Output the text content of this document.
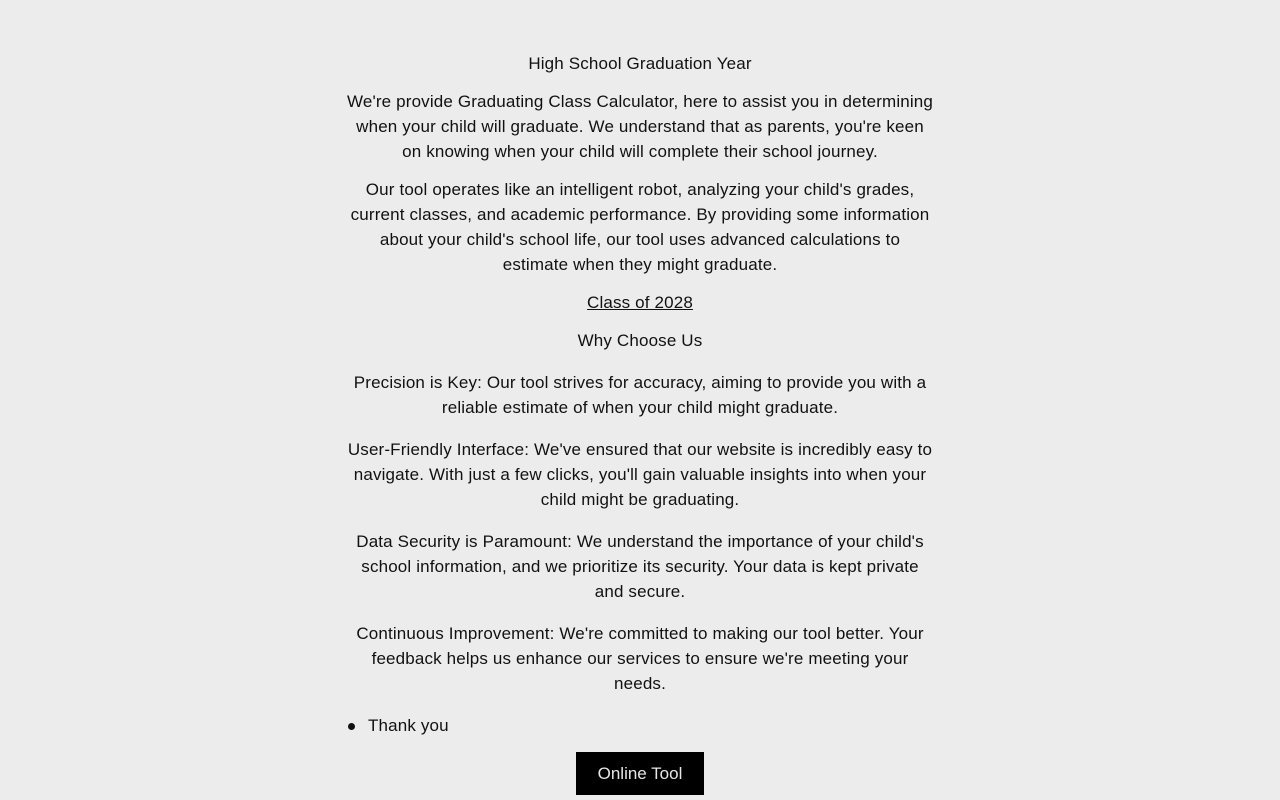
High School Graduation Year

We're provide Graduating Class Calculator, here to assist you in determining when your child will graduate. We understand that as parents, you're keen on knowing when your child will complete their school journey.

Our tool operates like an intelligent robot, analyzing your child's grades, current classes, and academic performance. By providing some information about your child's school life, our tool uses advanced calculations to estimate when they might graduate.

Class of 2028

Why Choose Us

Precision is Key: Our tool strives for accuracy, aiming to provide you with a reliable estimate of when your child might graduate.

User-Friendly Interface: We've ensured that our website is incredibly easy to navigate. With just a few clicks, you'll gain valuable insights into when your child might be graduating.

Data Security is Paramount: We understand the importance of your child's school information, and we prioritize its security. Your data is kept private and secure.

Continuous Improvement: We're committed to making our tool better. Your feedback helps us enhance our services to ensure we're meeting your needs.

Thank you
Online Tool
